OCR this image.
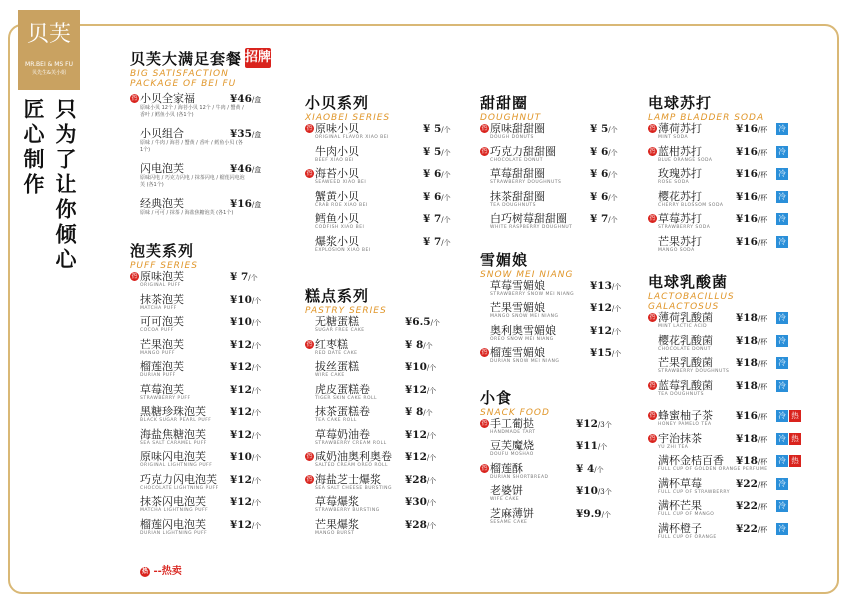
贝芙
MR.BEI & MS FU
贝先生&芙小姐
匠心制作 只为了让你倾心
贝芙大满足套餐
BIG SATISFACTION PACKAGE OF BEI FU
热 小贝全家福
原味小贝 12个 / 海苔小贝 12个 / 牛肉 / 蟹黄 / 香叶 / 鳕鱼小贝 (各1个)
¥46/盒
小贝组合
原味 / 牛肉 / 海苔 / 蟹黄 / 香叶 / 鳕鱼小贝 (各1个)
¥35/盒
闪电泡芙
原味闪电 / 巧克力闪电 / 抹茶闪电 / 榴莲闪电泡芙 (各1个)
¥46/盒
经典泡芙
原味 / 可可 / 抹茶 / 海盐焦糖泡芙 (各1个)
¥16/盒
泡芙系列
PUFF SERIES
热 原味泡芙
ORIGINAL PUFF
¥ 7/个
抹茶泡芙
MATCHA PUFF
¥10/个
可可泡芙
COCOA PUFF
¥10/个
芒果泡芙
MANGO PUFF
¥12/个
榴莲泡芙
DURIAN PUFF
¥12/个
草莓泡芙
STRAWBERRY PUFF
¥12/个
黑糖珍珠泡芙
BLACK SUGAR PEARL PUFF
¥12/个
海盐焦糖泡芙
SEA SALT CARAMEL PUFF
¥12/个
原味闪电泡芙
ORIGINAL LIGHTNING PUFF
¥10/个
巧克力闪电泡芙
CHOCOLATE LIGHTNING PUFF
¥12/个
抹茶闪电泡芙
MATCHA LIGHTNING PUFF
¥12/个
榴莲闪电泡芙
DURIAN LIGHTNING PUFF
¥12/个
招牌
小贝系列
XIAOBEI SERIES
热 原味小贝
ORIGINAL FLAVOR XIAO BEI
¥ 5/个
牛肉小贝
BEEF XIAO BEI
¥ 5/个
热 海苔小贝
SEAWEED XIAO BEI
¥ 6/个
蟹黄小贝
CRAB ROE XIAO BEI
¥ 6/个
鳕鱼小贝
CODFISH XIAO BEI
¥ 7/个
爆浆小贝
EXPLOSION XIAO BEI
¥ 7/个
糕点系列
PASTRY SERIES
无糖蛋糕
SUGAR FREE CAKE
¥6.5/个
热 红枣糕
RED DATE CAKE
¥ 8/个
拔丝蛋糕
WIRE CAKE
¥10/个
虎皮蛋糕卷
TIGER SKIN CAKE ROLL
¥12/个
抹茶蛋糕卷
TEA CAKE ROLL
¥ 8/个
草莓奶油卷
STRAWBERRY CREAM ROLL
¥12/个
热 咸奶油奥利奥卷
SALTED CREAM OREO ROLL
¥12/个
热 海盐芝士爆浆
SEA SALT CHEESE BURSTING
¥28/个
草莓爆浆
STRAWBERRY BURSTING
¥30/个
芒果爆浆
MANGO BURST
¥28/个
甜甜圈
DOUGHNUT
热 原味甜甜圈
DOUGH DONUTS
¥ 5/个
热 巧克力甜甜圈
CHOCOLATE DONUT
¥ 6/个
草莓甜甜圈
STRAWBERRY DOUGHNUTS
¥ 6/个
抹茶甜甜圈
TEA DOUGHNUTS
¥ 6/个
白巧树莓甜甜圈
WHITE RASPBERRY DOUGHNUT
¥ 7/个
雪媚娘
SNOW MEI NIANG
草莓雪媚娘
STRAWBERRY SNOW MEI NIANG
¥13/个
芒果雪媚娘
MANGO SNOW MEI NIANG
¥12/个
奥利奥雪媚娘
OREO SNOW MEI NIANG
¥12/个
热 榴莲雪媚娘
DURIAN SNOW MEI NIANG
¥15/个
小食
SNACK FOOD
热 手工葡挞
HANDMADE TART
¥12/3个
豆芙魔烧
DOUFU MOSHAO
¥11/个
热 榴莲酥
DURIAN SHORTBREAD
¥ 4/个
老婆饼
WIFE CAKE
¥10/3个
芝麻薄饼
SESAME CAKE
¥9.9/个
电球苏打
LAMP BLADDER SODA
热 薄荷苏打
MINT SODA
¥16/杯	冷
热 蓝柑苏打
BLUE ORANGE SODA
¥16/杯	冷
玫瑰苏打
ROSE SODA
¥16/杯	冷
樱花苏打
CHERRY BLOSSOM SODA
¥16/杯	冷
热 草莓苏打
STRAWBERRY SODA
¥16/杯	冷
芒果苏打
MANGO SODA
¥16/杯	冷
电球乳酸菌
LACTOBACILLUS GALACTOSUS
热 薄荷乳酸菌
MINT LACTIC ACID
¥18/杯	冷
樱花乳酸菌
CHOCOLATE DONUT
¥18/杯	冷
芒果乳酸菌
STRAWBERRY DOUGHNUTS
¥18/杯	冷
热 蓝莓乳酸菌
TEA DOUGHNUTS
¥18/杯	冷
热 蜂蜜柚子茶
HONEY PAMELO TEA
¥16/杯	冷 热
热 宇治抹茶
YU ZHI TEA
¥18/杯	冷 热
满杯金桔百香
FULL CUP OF GOLDEN ORANGE PERFUME
¥18/杯	冷 热
满杯草莓
FULL CUP OF STRAWBERRY
¥22/杯	冷
满杯芒果
FULL CUP OF MANGO
¥22/杯	冷
满杯橙子
FULL CUP OF ORANGE
¥22/杯	冷
热 --热卖
